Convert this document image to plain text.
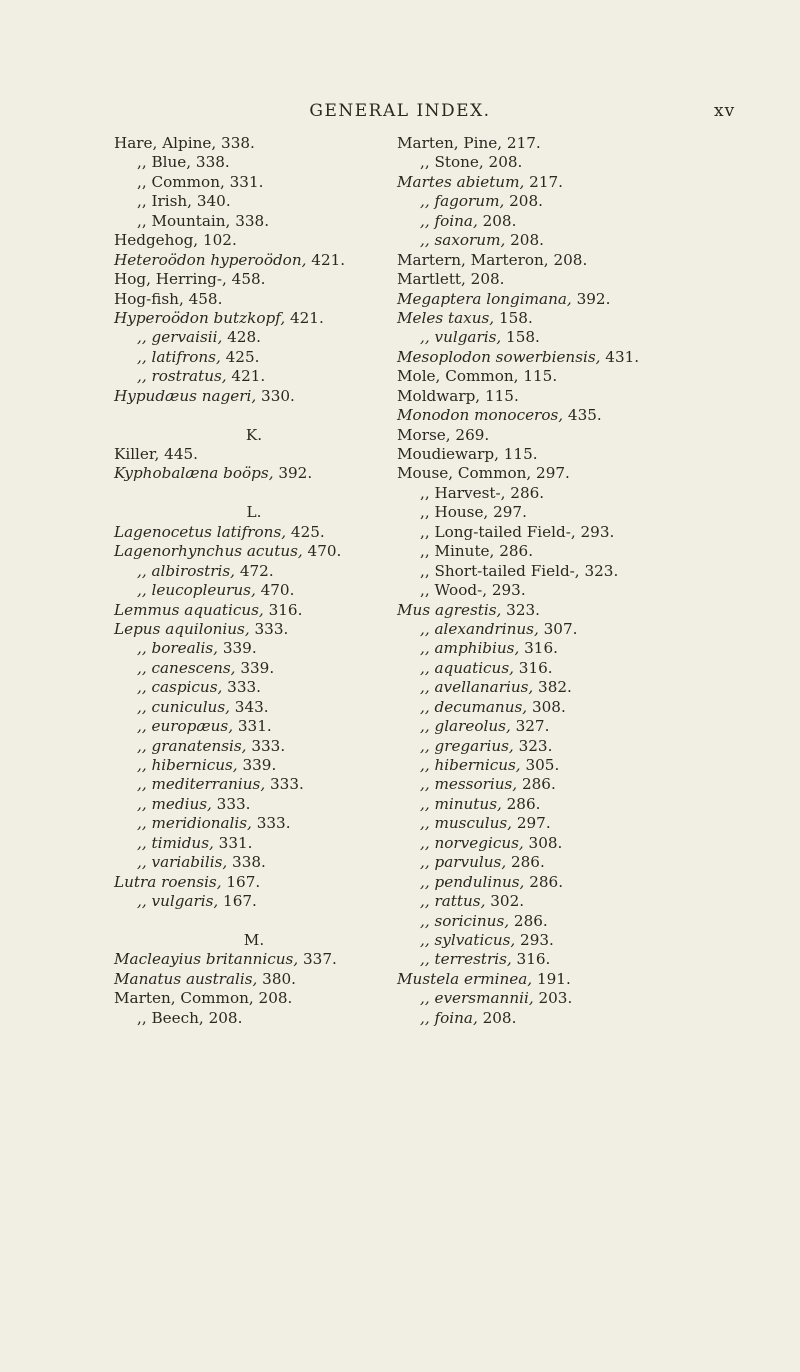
GENERAL INDEX.	xv
Hare, Alpine, 338.
,, Blue, 338.
,, Common, 331.
,, Irish, 340.
,, Mountain, 338.
Hedgehog, 102.
Heteroödon hyperoödon, 421.
Hog, Herring-, 458.
Hog-fish, 458.
Hyperoödon butzkopf, 421.
,, gervaisii, 428.
,, latifrons, 425.
,, rostratus, 421.
Hypudæus nageri, 330.
K.
Killer, 445.
Kyphobalæna boöps, 392.
L.
Lagenocetus latifrons, 425.
Lagenorhynchus acutus, 470.
,, albirostris, 472.
,, leucopleurus, 470.
Lemmus aquaticus, 316.
Lepus aquilonius, 333.
,, borealis, 339.
,, canescens, 339.
,, caspicus, 333.
,, cuniculus, 343.
,, europæus, 331.
,, granatensis, 333.
,, hibernicus, 339.
,, mediterranius, 333.
,, medius, 333.
,, meridionalis, 333.
,, timidus, 331.
,, variabilis, 338.
Lutra roensis, 167.
,, vulgaris, 167.
M.
Macleayius britannicus, 337.
Manatus australis, 380.
Marten, Common, 208.
,, Beech, 208.
Marten, Pine, 217.
,, Stone, 208.
Martes abietum, 217.
,, fagorum, 208.
,, foina, 208.
,, saxorum, 208.
Martern, Marteron, 208.
Martlett, 208.
Megaptera longimana, 392.
Meles taxus, 158.
,, vulgaris, 158.
Mesoplodon sowerbiensis, 431.
Mole, Common, 115.
Moldwarp, 115.
Monodon monoceros, 435.
Morse, 269.
Moudiewarp, 115.
Mouse, Common, 297.
,, Harvest-, 286.
,, House, 297.
,, Long-tailed Field-, 293.
,, Minute, 286.
,, Short-tailed Field-, 323.
,, Wood-, 293.
Mus agrestis, 323.
,, alexandrinus, 307.
,, amphibius, 316.
,, aquaticus, 316.
,, avellanarius, 382.
,, decumanus, 308.
,, glareolus, 327.
,, gregarius, 323.
,, hibernicus, 305.
,, messorius, 286.
,, minutus, 286.
,, musculus, 297.
,, norvegicus, 308.
,, parvulus, 286.
,, pendulinus, 286.
,, rattus, 302.
,, soricinus, 286.
,, sylvaticus, 293.
,, terrestris, 316.
Mustela erminea, 191.
,, eversmannii, 203.
,, foina, 208.
